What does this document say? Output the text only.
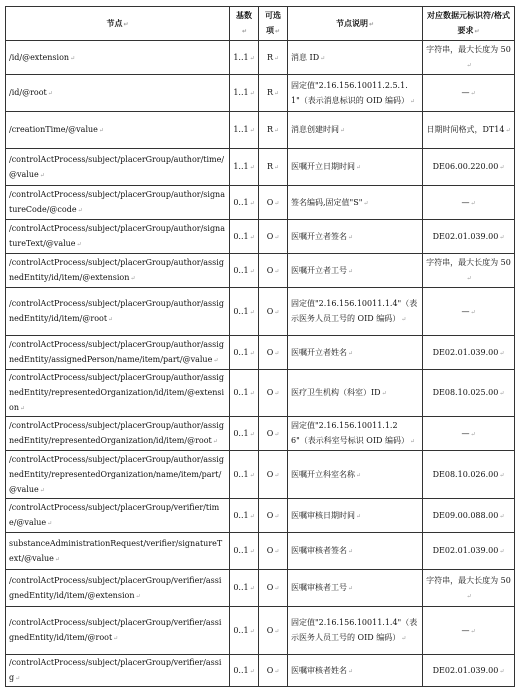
节点↵	基数↵	可选项↵	节点说明↵	对应数据元标识符/格式要求↵
/id/@extension↵	1..1↵	R↵	消息 ID↵	字符串，最大长度为 50↵
/id/@root↵	1..1↵	R↵	固定值"2.16.156.10011.2.5.1.1"（表示消息标识的 OID 编码）↵	—↵
/creationTime/@value↵	1..1↵	R↵	消息创建时间↵	日期时间格式，DT14↵
/controlActProcess/subject/placerGroup/author/time/@value↵	1..1↵	R↵	医嘱开立日期时间↵	DE06.00.220.00↵
/controlActProcess/subject/placerGroup/author/signatureCode/@code↵	0..1↵	O↵	签名编码,固定值"S"↵	—↵
/controlActProcess/subject/placerGroup/author/signatureText/@value↵	0..1↵	O↵	医嘱开立者签名↵	DE02.01.039.00↵
/controlActProcess/subject/placerGroup/author/assignedEntity/id/item/@extension↵	0..1↵	O↵	医嘱开立者工号↵	字符串，最大长度为 50↵
/controlActProcess/subject/placerGroup/author/assignedEntity/id/item/@root↵	0..1↵	O↵	固定值"2.16.156.10011.1.4"（表示医务人员工号的 OID 编码）↵	—↵
/controlActProcess/subject/placerGroup/author/assignedEntity/assignedPerson/name/item/part/@value↵	0..1↵	O↵	医嘱开立者姓名↵	DE02.01.039.00↵
/controlActProcess/subject/placerGroup/author/assignedEntity/representedOrganization/id/item/@extension↵	0..1↵	O↵	医疗卫生机构（科室）ID↵	DE08.10.025.00↵
/controlActProcess/subject/placerGroup/author/assignedEntity/representedOrganization/id/item/@root↵	0..1↵	O↵	固定值"2.16.156.10011.1.26"（表示科室号标识 OID 编码）↵	—↵
/controlActProcess/subject/placerGroup/author/assignedEntity/representedOrganization/name/item/part/@value↵	0..1↵	O↵	医嘱开立科室名称↵	DE08.10.026.00↵
/controlActProcess/subject/placerGroup/verifier/time/@value↵	0..1↵	O↵	医嘱审核日期时间↵	DE09.00.088.00↵
substanceAdministrationRequest/verifier/signatureText/@value↵	0..1↵	O↵	医嘱审核者签名↵	DE02.01.039.00↵
/controlActProcess/subject/placerGroup/verifier/assignedEntity/id/item/@extension↵	0..1↵	O↵	医嘱审核者工号↵	字符串，最大长度为 50↵
/controlActProcess/subject/placerGroup/verifier/assignedEntity/id/item/@root↵	0..1↵	O↵	固定值"2.16.156.10011.1.4"（表示医务人员工号的 OID 编码）↵	—↵
/controlActProcess/subject/placerGroup/verifier/assig↵	0..1↵	O↵	医嘱审核者姓名↵	DE02.01.039.00↵
